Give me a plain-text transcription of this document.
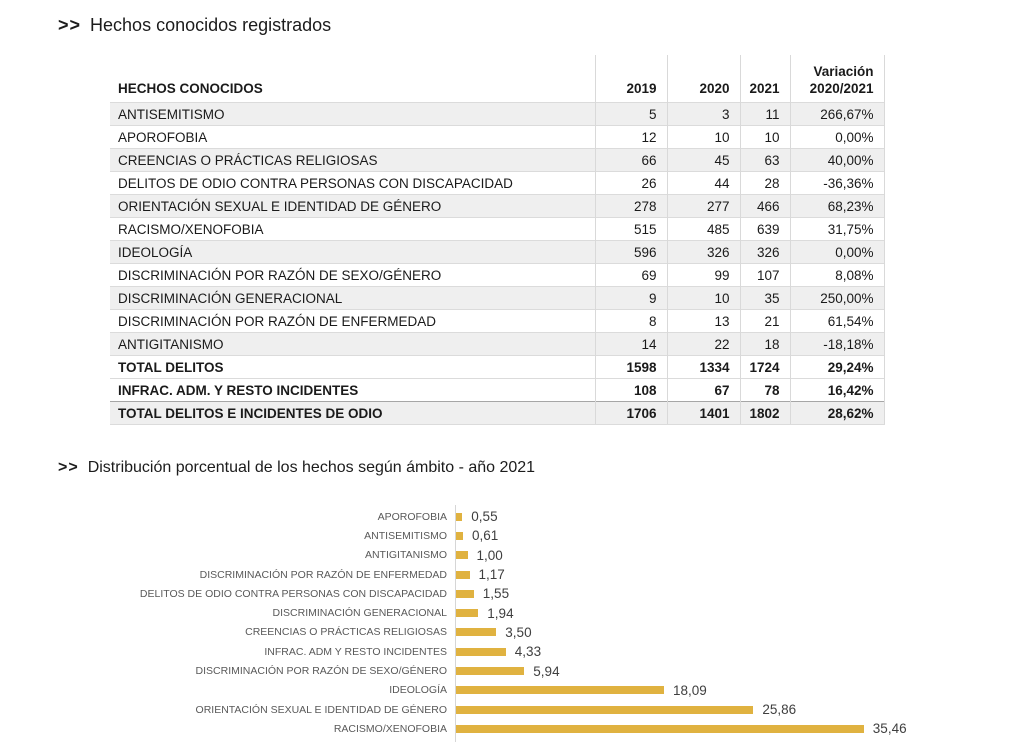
>> Hechos conocidos registrados
HECHOS CONOCIDOS	2019	2020	2021	Variación
2020/2021
ANTISEMITISMO	5	3	11	266,67%
APOROFOBIA	12	10	10	0,00%
CREENCIAS O PRÁCTICAS RELIGIOSAS	66	45	63	40,00%
DELITOS DE ODIO CONTRA PERSONAS CON DISCAPACIDAD	26	44	28	-36,36%
ORIENTACIÓN SEXUAL E IDENTIDAD DE GÉNERO	278	277	466	68,23%
RACISMO/XENOFOBIA	515	485	639	31,75%
IDEOLOGÍA	596	326	326	0,00%
DISCRIMINACIÓN POR RAZÓN DE SEXO/GÉNERO	69	99	107	8,08%
DISCRIMINACIÓN GENERACIONAL	9	10	35	250,00%
DISCRIMINACIÓN POR RAZÓN DE ENFERMEDAD	8	13	21	61,54%
ANTIGITANISMO	14	22	18	-18,18%
TOTAL DELITOS	1598	1334	1724	29,24%
INFRAC. ADM. Y RESTO INCIDENTES	108	67	78	16,42%
TOTAL DELITOS E INCIDENTES DE ODIO	1706	1401	1802	28,62%
>> Distribución porcentual de los hechos según ámbito - año 2021
APOROFOBIA	0,55
ANTISEMITISMO	0,61
ANTIGITANISMO	1,00
DISCRIMINACIÓN POR RAZÓN DE ENFERMEDAD	1,17
DELITOS DE ODIO CONTRA PERSONAS CON DISCAPACIDAD	1,55
DISCRIMINACIÓN GENERACIONAL	1,94
CREENCIAS O PRÁCTICAS RELIGIOSAS	3,50
INFRAC. ADM Y RESTO INCIDENTES	4,33
DISCRIMINACIÓN POR RAZÓN DE SEXO/GÉNERO	5,94
IDEOLOGÍA	18,09
ORIENTACIÓN SEXUAL E IDENTIDAD DE GÉNERO	25,86
RACISMO/XENOFOBIA	35,46
